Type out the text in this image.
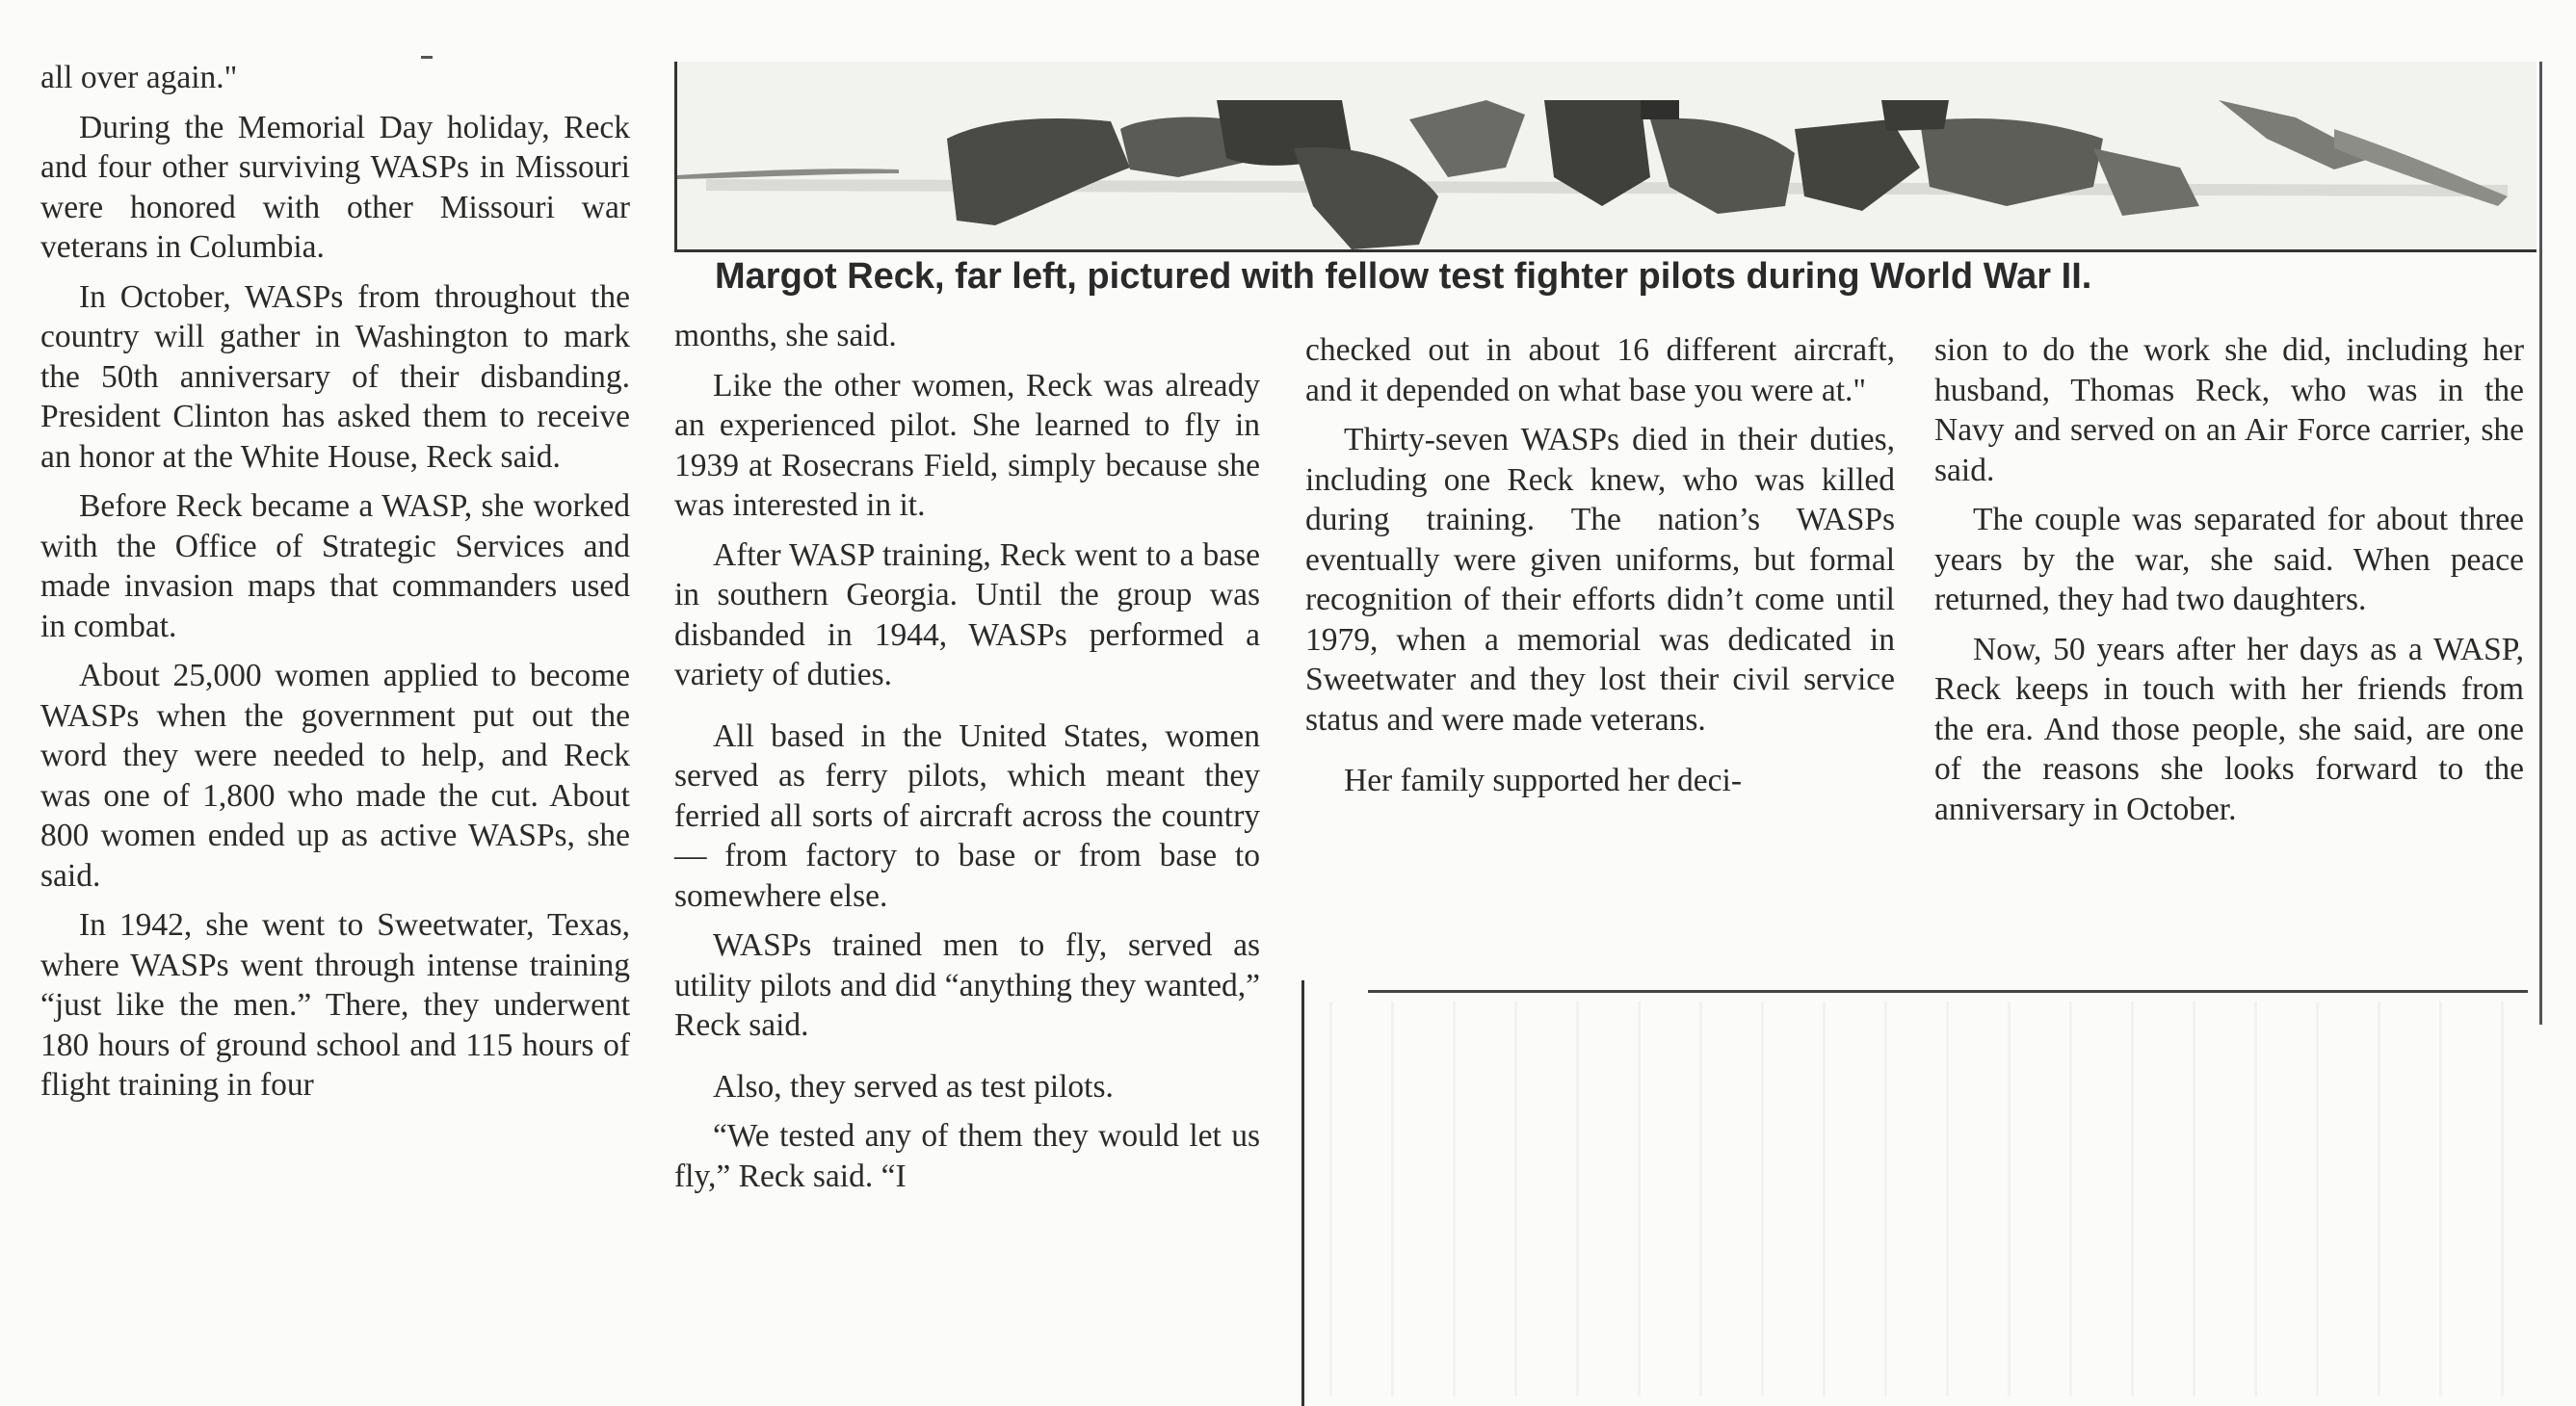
all over again."

During the Memorial Day holiday, Reck and four other surviving WASPs in Missouri were honored with other Missouri war veterans in Columbia.

In October, WASPs from throughout the country will gather in Washington to mark the 50th anniversary of their disbanding. President Clinton has asked them to receive an honor at the White House, Reck said.

Before Reck became a WASP, she worked with the Office of Strategic Services and made invasion maps that commanders used in combat.

About 25,000 women applied to become WASPs when the government put out the word they were needed to help, and Reck was one of 1,800 who made the cut. About 800 women ended up as active WASPs, she said.

In 1942, she went to Sweetwater, Texas, where WASPs went through intense training “just like the men.” There, they underwent 180 hours of ground school and 115 hours of flight training in four

Margot Reck, far left, pictured with fellow test fighter pilots during World War II.

months, she said.

Like the other women, Reck was already an experienced pilot. She learned to fly in 1939 at Rosecrans Field, simply because she was interested in it.

After WASP training, Reck went to a base in southern Georgia. Until the group was disbanded in 1944, WASPs performed a variety of duties.

All based in the United States, women served as ferry pilots, which meant they ferried all sorts of aircraft across the country — from factory to base or from base to somewhere else.

WASPs trained men to fly, served as utility pilots and did “anything they wanted,” Reck said.

Also, they served as test pilots.

“We tested any of them they would let us fly,” Reck said. “I

checked out in about 16 different aircraft, and it depended on what base you were at."

Thirty-seven WASPs died in their duties, including one Reck knew, who was killed during training. The nation’s WASPs eventually were given uniforms, but formal recognition of their efforts didn’t come until 1979, when a memorial was dedicated in Sweetwater and they lost their civil service status and were made veterans.

Her family supported her deci-

sion to do the work she did, including her husband, Thomas Reck, who was in the Navy and served on an Air Force carrier, she said.

The couple was separated for about three years by the war, she said. When peace returned, they had two daughters.

Now, 50 years after her days as a WASP, Reck keeps in touch with her friends from the era. And those people, she said, are one of the reasons she looks forward to the anniversary in October.
